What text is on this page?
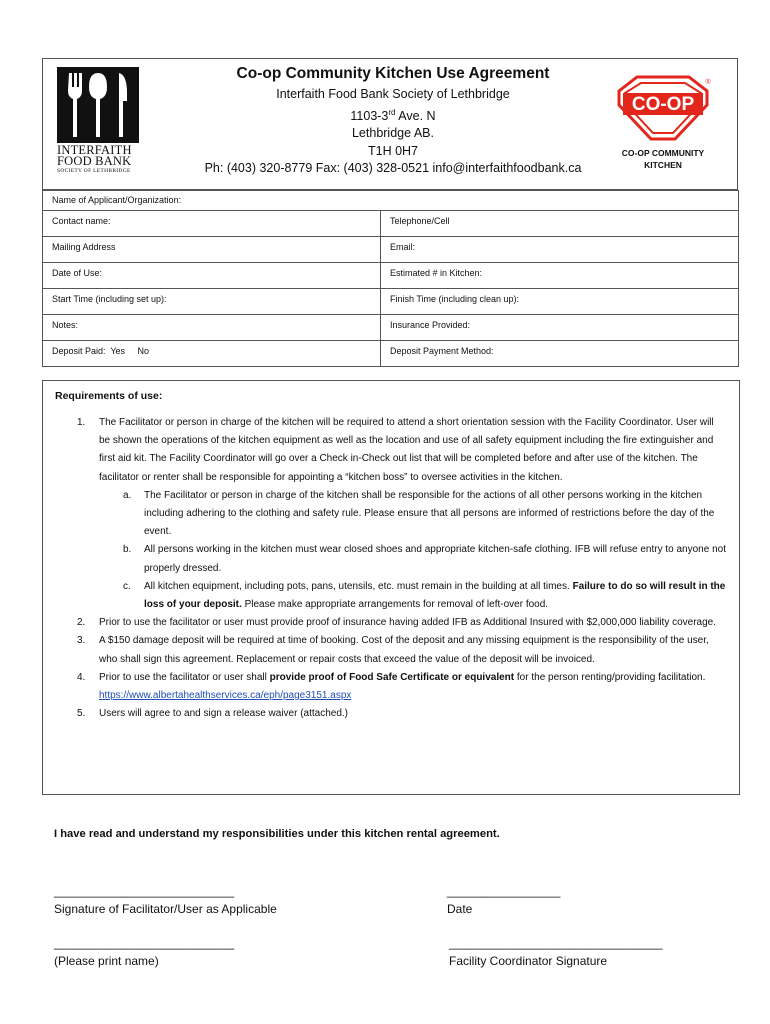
INTERFAITH
FOOD BANK
SOCIETY OF LETHBRIDGE
Co-op Community Kitchen Use Agreement
Interfaith Food Bank Society of Lethbridge
1103-3rd Ave. N
Lethbridge AB.
T1H 0H7
Ph: (403) 320-8779 Fax: (403) 328-0521 info@interfaithfoodbank.ca
CO-OP
®
CO-OP COMMUNITY
KITCHEN
Name of Applicant/Organization:	
Contact name:	Telephone/Cell
Mailing Address	Email:
Date of Use:	Estimated # in Kitchen:
Start Time (including set up):	Finish Time (including clean up):
Notes:	Insurance Provided:
Deposit Paid:  Yes     No	Deposit Payment Method:
Requirements of use:
1. The Facilitator or person in charge of the kitchen will be required to attend a short orientation session with the Facility Coordinator. User will be shown the operations of the kitchen equipment as well as the location and use of all safety equipment including the fire extinguisher and first aid kit. The Facility Coordinator will go over a Check in-Check out list that will be completed before and after use of the kitchen. The facilitator or renter shall be responsible for appointing a “kitchen boss” to oversee activities in the kitchen.
a. The Facilitator or person in charge of the kitchen shall be responsible for the actions of all other persons working in the kitchen including adhering to the clothing and safety rule. Please ensure that all persons are informed of restrictions before the day of the event.
b. All persons working in the kitchen must wear closed shoes and appropriate kitchen-safe clothing. IFB will refuse entry to anyone not properly dressed.
c. All kitchen equipment, including pots, pans, utensils, etc. must remain in the building at all times. Failure to do so will result in the loss of your deposit. Please make appropriate arrangements for removal of left-over food.
2. Prior to use the facilitator or user must provide proof of insurance having added IFB as Additional Insured with $2,000,000 liability coverage.
3. A $150 damage deposit will be required at time of booking. Cost of the deposit and any missing equipment is the responsibility of the user, who shall sign this agreement. Replacement or repair costs that exceed the value of the deposit will be invoiced.
4. Prior to use the facilitator or user shall provide proof of Food Safe Certificate or equivalent for the person renting/providing facilitation. https://www.albertahealthservices.ca/eph/page3151.aspx
5. Users will agree to and sign a release waiver (attached.)
I have read and understand my responsibilities under this kitchen rental agreement.
___________________________
Signature of Facilitator/User as Applicable
_________________
Date
___________________________
(Please print name)
________________________________
Facility Coordinator Signature
